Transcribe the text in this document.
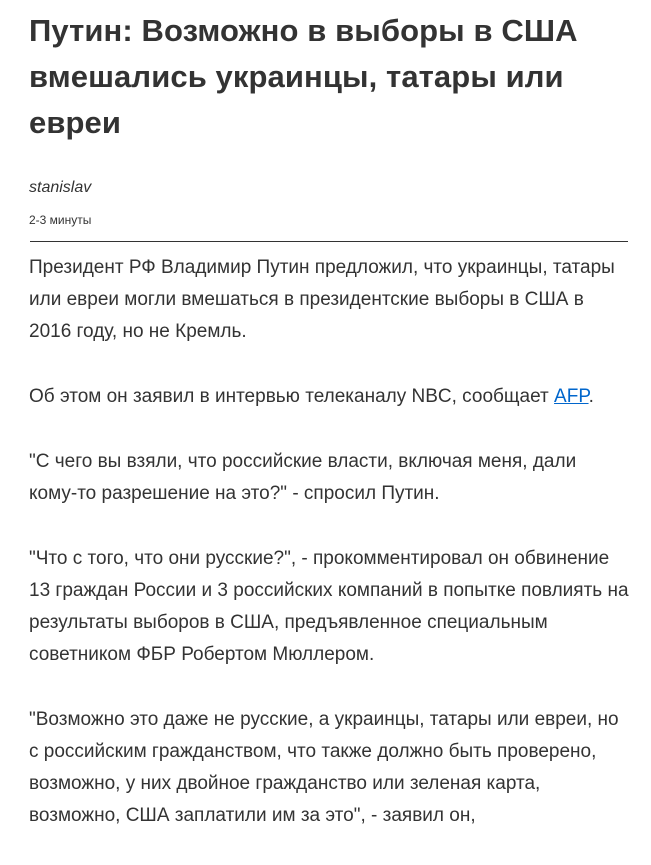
Путин: Возможно в выборы в США вмешались украинцы, татары или евреи
stanislav
2-3 минуты

Президент РФ Владимир Путин предложил, что украинцы, татары или евреи могли вмешаться в президентские выборы в США в 2016 году, но не Кремль.

Об этом он заявил в интервью телеканалу NBC, сообщает AFP.

"С чего вы взяли, что российские власти, включая меня, дали кому-то разрешение на это?" - спросил Путин.

"Что с того, что они русские?", - прокомментировал он обвинение 13 граждан России и 3 российских компаний в попытке повлиять на результаты выборов в США, предъявленное специальным советником ФБР Робертом Мюллером.

"Возможно это даже не русские, а украинцы, татары или евреи, но с российским гражданством, что также должно быть проверено, возможно, у них двойное гражданство или зеленая карта, возможно, США заплатили им за это", - заявил он,
